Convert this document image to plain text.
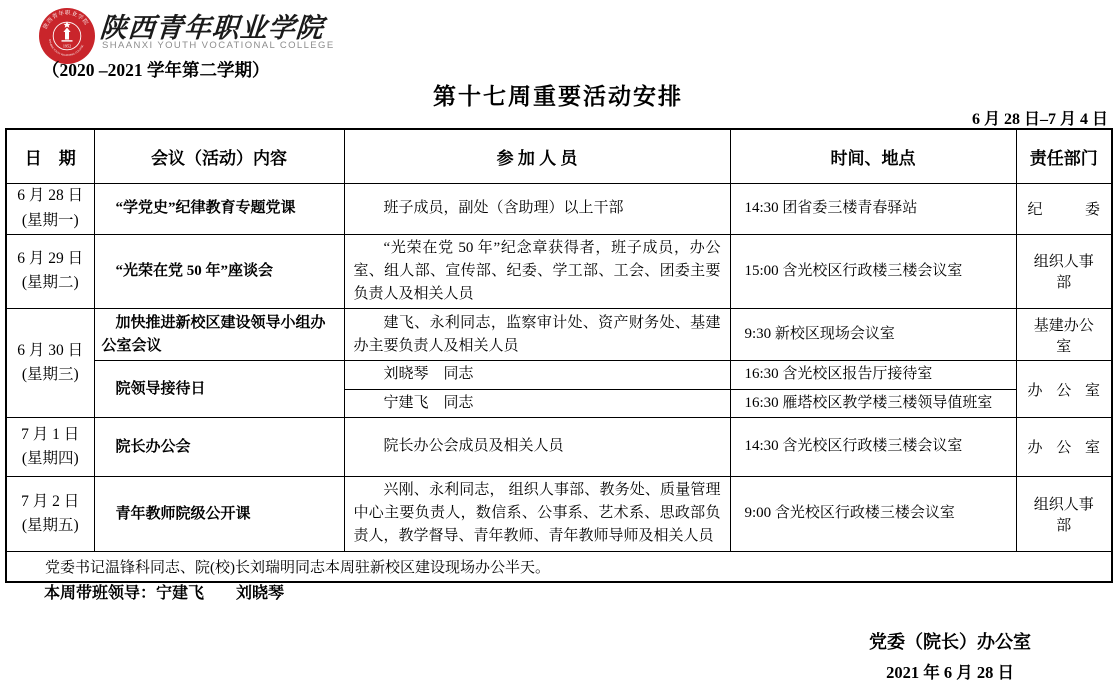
陕西青年职业学院
SHAANXI YOUTH VOCATIONAL COLLEGE
1952
陕西青年职业学院
SHAANXI YOUTH VOCATIONAL COLLEGE
（2020 –2021 学年第二学期）
第十七周重要活动安排
6 月 28 日–7 月 4 日
日　期	会议（活动）内容	参 加 人 员	时间、地点	责任部门

6 月 28 日
(星期一)	“学党史”纪律教育专题党课	班子成员，副处（含助理）以上干部	14:30 团省委三楼青春驿站	纪 委

6 月 29 日
(星期二)	“光荣在党 50 年”座谈会	“光荣在党 50 年”纪念章获得者，班子成员，办公室、组人部、宣传部、纪委、学工部、工会、团委主要负责人及相关人员	15:00 含光校区行政楼三楼会议室	组织人事部

6 月 30 日
(星期三)	加快推进新校区建设领导小组办公室会议	建飞、永利同志，监察审计处、资产财务处、基建办主要负责人及相关人员	9:30 新校区现场会议室	基建办公室
	院领导接待日	刘晓琴　同志	16:30 含光校区报告厅接待室	办 公 室
		宁建飞　同志	16:30 雁塔校区教学楼三楼领导值班室	

7 月 1 日
(星期四)	院长办公会	院长办公会成员及相关人员	14:30 含光校区行政楼三楼会议室	办 公 室

7 月 2 日
(星期五)	青年教师院级公开课	兴刚、永利同志， 组织人事部、教务处、质量管理中心主要负责人，数信系、公事系、艺术系、思政部负责人，教学督导、青年教师、青年教师导师及相关人员	9:00 含光校区行政楼三楼会议室	组织人事部
党委书记温锋科同志、院(校)长刘瑞明同志本周驻新校区建设现场办公半天。				
本周带班领导：宁建飞　　刘晓琴
党委（院长）办公室
2021 年 6 月 28 日
